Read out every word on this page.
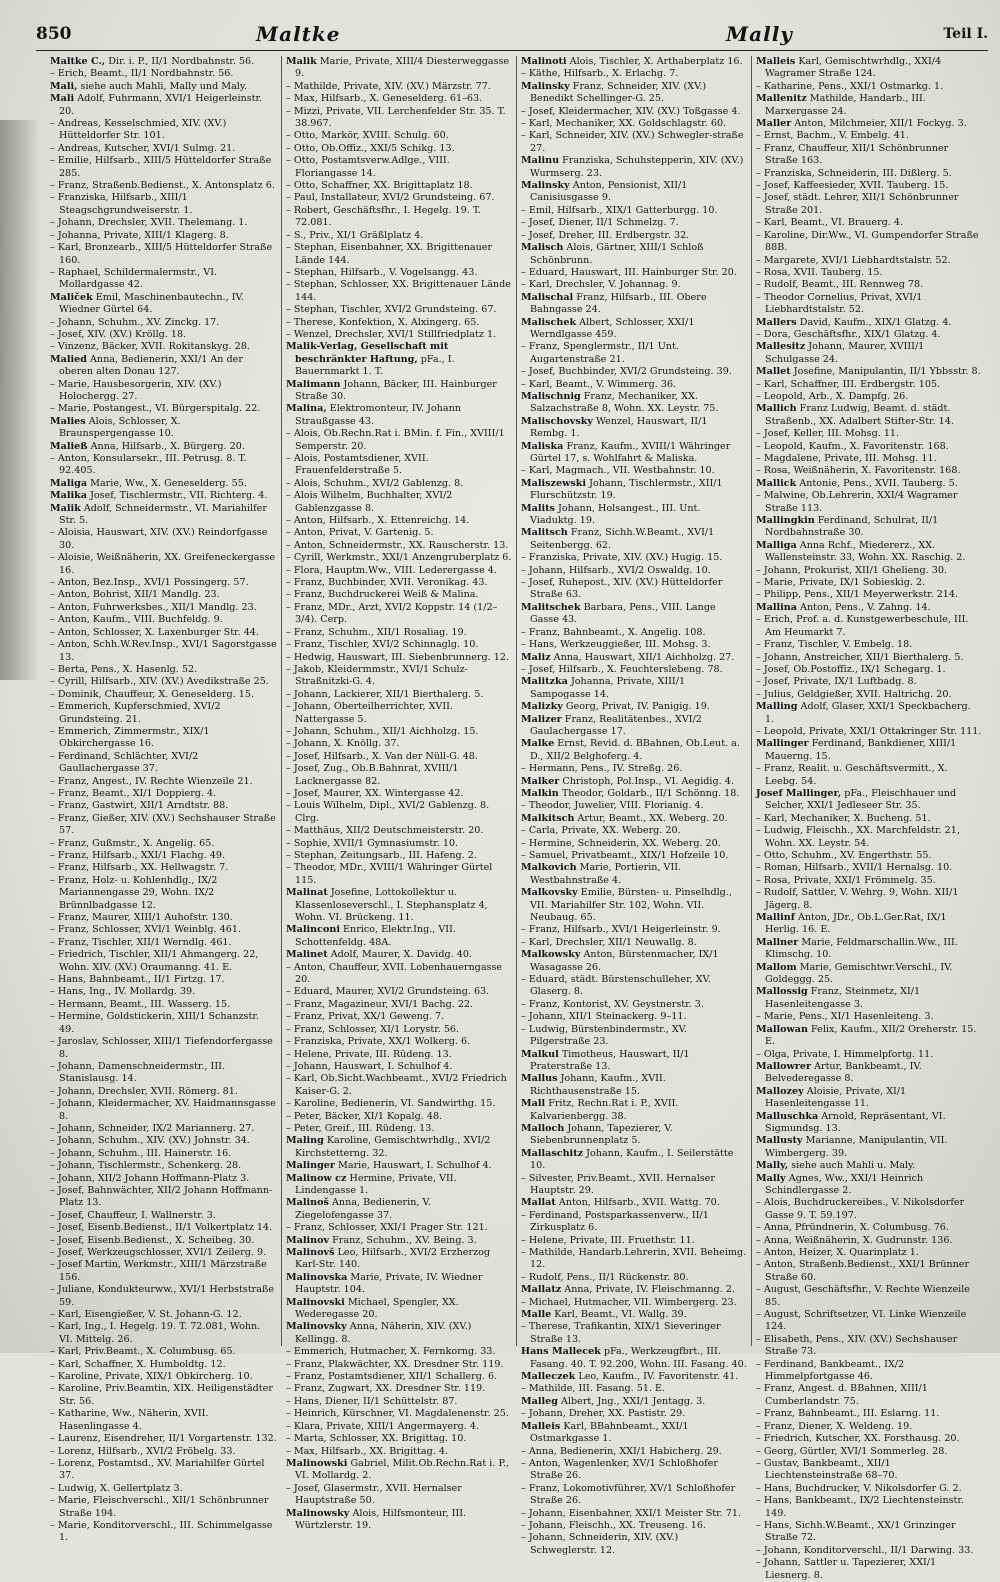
850	Maltke	Mally	Teil I.

Maltke C., Dir. i. P., II/1 Nordbahnstr. 56.

– Erich, Beamt., II/1 Nordbahnstr. 56.

Mali, siehe auch Mahli, Mally und Maly.

Mali Adolf, Fuhrmann, XVI/1 Heigerleinstr. 20.

– Andreas, Kesselschmied, XIV. (XV.) Hütteldorfer Str. 101.

– Andreas, Kutscher, XVI/1 Sulmg. 21.

– Emilie, Hilfsarb., XIII/5 Hütteldorfer Straße 285.

– Franz, Straßenb.Bedienst., X. Antonsplatz 6.

– Franziska, Hilfsarb., XIII/1 Steagschgrundweiserstr. 1.

– Johann, Drechsler, XVII. Thelemang. 1.

– Johanna, Private, XIII/1 Klagerg. 8.

– Karl, Bronzearb., XIII/5 Hütteldorfer Straße 160.

– Raphael, Schildermalermstr., VI. Mollardgasse 42.

Maliček Emil, Maschinenbautechn., IV. Wiedner Gürtel 64.

– Johann, Schuhm., XV. Zinckg. 17.

– Josef, XIV. (XV.) Kröllg. 18.

– Vinzenz, Bäcker, XVII. Rokitanskyg. 28.

Malied Anna, Bedienerin, XXI/1 An der oberen alten Donau 127.

– Marie, Hausbesorgerin, XIV. (XV.) Holochergg. 27.

– Marie, Postangest., VI. Bürgerspitalg. 22.

Malies Alois, Schlosser, X. Braunspergengasse 10.

Maließ Anna, Hilfsarb., X. Bürgerg. 20.

– Anton, Konsularsekr., III. Petrusg. 8. T. 92.405.

Maliga Marie, Ww., X. Geneselderg. 55.

Malika Josef, Tischlermstr., VII. Richterg. 4.

Malik Adolf, Schneidermstr., VI. Mariahilfer Str. 5.

– Aloisia, Hauswart, XIV. (XV.) Reindorfgasse 30.

– Aloisie, Weißnäherin, XX. Greifeneckergasse 16.

– Anton, Bez.Insp., XVI/1 Possingerg. 57.

– Anton, Bohrist, XII/1 Mandlg. 23.

– Anton, Fuhrwerksbes., XII/1 Mandlg. 23.

– Anton, Kaufm., VIII. Buchfeldg. 9.

– Anton, Schlosser, X. Laxenburger Str. 44.

– Anton, Schh.W.Rev.Insp., XVI/1 Sagorstgasse 13.

– Berta, Pens., X. Hasenlg. 52.

– Cyrill, Hilfsarb., XIV. (XV.) Avedikstraße 25.

– Dominik, Chauffeur, X. Geneselderg. 15.

– Emmerich, Kupferschmied, XVI/2 Grundsteing. 21.

– Emmerich, Zimmermstr., XIX/1 Obkirchergasse 16.

– Ferdinand, Schlächter, XVI/2 Gaullachergasse 37.

– Franz, Angest., IV. Rechte Wienzeile 21.

– Franz, Beamt., XI/1 Doppierg. 4.

– Franz, Gastwirt, XII/1 Arndtstr. 88.

– Franz, Gießer, XIV. (XV.) Sechshauser Straße 57.

– Franz, Gußmstr., X. Angelig. 65.

– Franz, Hilfsarb., XXI/1 Flachg. 49.

– Franz, Hilfsarb., XX. Hellwagstr. 7.

– Franz, Holz- u. Kohlenhdlg., IX/2 Mariannengasse 29, Wohn. IX/2 Brünnlbadgasse 12.

– Franz, Maurer, XIII/1 Auhofstr. 130.

– Franz, Schlosser, XVI/1 Weinblg. 461.

– Franz, Tischler, XII/1 Werndlg. 461.

– Friedrich, Tischler, XII/1 Ahmangerg. 22, Wohn. XIV. (XV.) Oraumanng. 41. E.

– Hans, Bahnbeamt., II/1 Firtzg. 17.

– Hans, Ing., IV. Mollardg. 39.

– Hermann, Beamt., III. Wasserg. 15.

– Hermine, Goldstickerin, XIII/1 Schanzstr. 49.

– Jaroslav, Schlosser, XIII/1 Tiefendorfergasse 8.

– Johann, Damenschneidermstr., III. Stanislausg. 14.

– Johann, Drechsler, XVII. Römerg. 81.

– Johann, Kleidermacher, XV. Haidmannsgasse 8.

– Johann, Schneider, IX/2 Mariannerg. 27.

– Johann, Schuhm., XIV. (XV.) Johnstr. 34.

– Johann, Schuhm., III. Hainerstr. 16.

– Johann, Tischlermstr., Schenkerg. 28.

– Johann, XII/2 Johann Hoffmann-Platz 3.

– Josef, Bahnwächter, XII/2 Johann Hoffmann-Platz 13.

– Josef, Chauffeur, I. Wallnerstr. 3.

– Josef, Eisenb.Bedienst., II/1 Volkertplatz 14.

– Josef, Eisenb.Bedienst., X. Scheibeg. 30.

– Josef, Werkzeugschlosser, XVI/1 Zeilerg. 9.

– Josef Martin, Werkmstr., XIII/1 Märzstraße 156.

– Juliane, Kondukteurww., XVI/1 Herbststraße 59.

– Karl, Eisengießer, V. St. Johann-G. 12.

– Karl, Ing., I. Hegelg. 19. T. 72.081, Wohn. VI. Mittelg. 26.

– Karl, Priv.Beamt., X. Columbusg. 65.

– Karl, Schaffner, X. Humboldtg. 12.

– Karoline, Private, XIX/1 Obkircherg. 10.

– Karoline, Priv.Beamtin, XIX. Heiligenstädter Str. 56.

– Katharine, Ww., Näherin, XVII. Hasenlingasse 4.

– Laurenz, Eisendreher, II/1 Vorgartenstr. 132.

– Lorenz, Hilfsarb., XVI/2 Fröbelg. 33.

– Lorenz, Postamtsd., XV. Mariahilfer Gürtel 37.

– Ludwig, X. Gellertplatz 3.

– Marie, Fleischverschl., XII/1 Schönbrunner Straße 194.

– Marie, Konditorverschl., III. Schimmelgasse 1.

Malik Marie, Private, XIII/4 Diesterweggasse 9.

– Mathilde, Private, XIV. (XV.) Märzstr. 77.

– Max, Hilfsarb., X. Geneselderg. 61–63.

– Mizzi, Private, VII. Lerchenfelder Str. 35. T. 38.967.

– Otto, Markör, XVIII. Schulg. 60.

– Otto, Ob.Offiz., XXI/5 Schikg. 13.

– Otto, Postamtsverw.Adlge., VIII. Floriangasse 14.

– Otto, Schaffner, XX. Brigittaplatz 18.

– Paul, Installateur, XVI/2 Grundsteing. 67.

– Robert, Geschäftsfhr., I. Hegelg. 19. T. 72.081.

– S., Priv., XI/1 Gräßlplatz 4.

– Stephan, Eisenbahner, XX. Brigittenauer Lände 144.

– Stephan, Hilfsarb., V. Vogelsangg. 43.

– Stephan, Schlosser, XX. Brigittenauer Lände 144.

– Stephan, Tischler, XVI/2 Grundsteing. 67.

– Therese, Konfektion, X. Alxingerg. 65.

– Wenzel, Drechsler, XVI/1 Stillfriedplatz 1.

Malik-Verlag, Gesellschaft mit beschränkter Haftung, pFa., I. Bauernmarkt 1. T.

Malimann Johann, Bäcker, III. Hainburger Straße 30.

Malina, Elektromonteur, IV. Johann Straußgasse 43.

– Alois, Ob.Rechn.Rat i. BMin. f. Fin., XVIII/1 Semperstr. 20.

– Alois, Postamtsdiener, XVII. Frauenfelderstraße 5.

– Alois, Schuhm., XVI/2 Gablenzg. 8.

– Alois Wilhelm, Buchhalter, XVI/2 Gablenzgasse 8.

– Anton, Hilfsarb., X. Ettenreichg. 14.

– Anton, Privat, V. Gartenig. 5.

– Anton, Schneidermstr., XX. Rauscherstr. 13.

– Cyrill, Werkmstr., XXI/1 Anzengruberplatz 6.

– Flora, Hauptm.Ww., VIII. Lederergasse 4.

– Franz, Buchbinder, XVII. Veronikag. 43.

– Franz, Buchdruckerei Weiß & Malina.

– Franz, MDr., Arzt, XVI/2 Koppstr. 14 (1/2–3/4). Cerp.

– Franz, Schuhm., XII/1 Rosaliag. 19.

– Franz, Tischler, XVI/2 Schinnaglg. 10.

– Hedwig, Hauswart, III. Siebenbrunnerg. 12.

– Jakob, Kleidermmstr., XVI/1 Schulz-Straßnitzki-G. 4.

– Johann, Lackierer, XII/1 Bierthalerg. 5.

– Johann, Oberteilherrichter, XVII. Nattergasse 5.

– Johann, Schuhm., XII/1 Aichholzg. 15.

– Johann, X. Knöllg. 37.

– Josef, Hilfsarb., X. Van der Nüll-G. 48.

– Josef, Zug., Ob.B.Bahnrat, XVIII/1 Lacknergasse 82.

– Josef, Maurer, XX. Wintergasse 42.

– Louis Wilhelm, Dipl., XVI/2 Gablenzg. 8. Clrg.

– Matthäus, XII/2 Deutschmeisterstr. 20.

– Sophie, XVII/1 Gymnasiumstr. 10.

– Stephan, Zeitungsarb., III. Hafeng. 2.

– Theodor, MDr., XVIII/1 Währinger Gürtel 115.

Malinat Josefine, Lottokollektur u. Klassenloseverschl., I. Stephansplatz 4, Wohn. VI. Brückeng. 11.

Malinconi Enrico, Elektr.Ing., VII. Schottenfeldg. 48A.

Malinet Adolf, Maurer, X. Davidg. 40.

– Anton, Chauffeur, XVII. Lobenhauerngasse 20.

– Eduard, Maurer, XVI/2 Grundsteing. 63.

– Franz, Magazineur, XVI/1 Bachg. 22.

– Franz, Privat, XX/1 Geweng. 7.

– Franz, Schlosser, XI/1 Lorystr. 56.

– Franziska, Private, XX/1 Wolkerg. 6.

– Helene, Private, III. Rüdeng. 13.

– Johann, Hauswart, I. Schulhof 4.

– Karl, Ob.Sicht.Wachbeamt., XVI/2 Friedrich Kaiser-G. 2.

– Karoline, Bedienerin, VI. Sandwirthg. 15.

– Peter, Bäcker, XI/1 Kopalg. 48.

– Peter, Greif., III. Rüdeng. 13.

Maling Karoline, Gemischtwrhdlg., XVI/2 Kirchstetterng. 32.

Malinger Marie, Hauswart, I. Schulhof 4.

Malinow cz Hermine, Private, VII. Lindengasse 1.

Malinoš Anna, Bedienerin, V. Ziegelofengasse 37.

– Franz, Schlosser, XXI/1 Prager Str. 121.

Malinov Franz, Schuhm., XV. Being. 3.

Malinovš Leo, Hilfsarb., XVI/2 Erzherzog Karl-Str. 140.

Malinovska Marie, Private, IV. Wiedner Hauptstr. 104.

Malinovski Michael, Spengler, XX. Wederegasse 20.

Malinovsky Anna, Näherin, XIV. (XV.) Kellingg. 8.

– Emmerich, Hutmacher, X. Fernkorng. 33.

– Franz, Plakwächter, XX. Dresdner Str. 119.

– Franz, Postamtsdiener, XII/1 Schallerg. 6.

– Franz, Zugwart, XX. Dresdner Str. 119.

– Hans, Diener, II/1 Schüttelstr. 87.

– Heinrich, Kürschner, VI. Magdalenenstr. 25.

– Klara, Private, XIII/1 Angermayerg. 4.

– Marta, Schlosser, XX. Brigittag. 10.

– Max, Hilfsarb., XX. Brigittag. 4.

Malinowski Gabriel, Milit.Ob.Rechn.Rat i. P., VI. Mollardg. 2.

– Josef, Glasermstr., XVII. Hernalser Hauptstraße 50.

Malinowsky Alois, Hilfsmonteur, III. Würtzlerstr. 19.

Malinoti Alois, Tischler, X. Arthaberplatz 16.

– Käthe, Hilfsarb., X. Erlachg. 7.

Malinsky Franz, Schneider, XIV. (XV.) Benedikt Schellinger-G. 25.

– Josef, Kleidermacher, XIV. (XV.) Toßgasse 4.

– Karl, Mechaniker, XX. Goldschlagstr. 60.

– Karl, Schneider, XIV. (XV.) Schwegler-straße 27.

Malinu Franziska, Schuhstepperin, XIV. (XV.) Wurmserg. 23.

Malinsky Anton, Pensionist, XII/1 Canisiusgasse 9.

– Emil, Hilfsarb., XIX/1 Gatterburgg. 10.

– Josef, Diener, II/1 Schmelzg. 7.

– Josef, Dreher, III. Erdbergstr. 32.

Malisch Alois, Gärtner, XIII/1 Schloß Schönbrunn.

– Eduard, Hauswart, III. Hainburger Str. 20.

– Karl, Drechsler, V. Johannag. 9.

Malischal Franz, Hilfsarb., III. Obere Bahngasse 24.

Malischek Albert, Schlosser, XXI/1 Werndlgasse 459.

– Franz, Spenglermstr., II/1 Unt. Augartenstraße 21.

– Josef, Buchbinder, XVI/2 Grundsteing. 39.

– Karl, Beamt., V. Wimmerg. 36.

Malischnig Franz, Mechaniker, XX. Salzachstraße 8, Wohn. XX. Leystr. 75.

Malischovsky Wenzel, Hauswart, II/1 Rembg. 1.

Maliska Franz, Kaufm., XVIII/1 Währinger Gürtel 17, s. Wohlfahrt & Maliska.

– Karl, Magmach., VII. Westbahnstr. 10.

Maliszewski Johann, Tischlermstr., XII/1 Flurschützstr. 19.

Malits Johann, Holsangest., III. Unt. Viaduktg. 19.

Malitsch Franz, Sichh.W.Beamt., XVI/1 Seitenbergg. 62.

– Franziska, Private, XIV. (XV.) Hugig. 15.

– Johann, Hilfsarb., XVI/2 Oswaldg. 10.

– Josef, Ruhepost., XIV. (XV.) Hütteldorfer Straße 63.

Malitschek Barbara, Pens., VIII. Lange Gasse 43.

– Franz, Bahnbeamt., X. Angelig. 108.

– Hans, Werkzeuggießer, III. Mohsg. 3.

Maliz Anna, Hauswart, XII/1 Aichholzg. 27.

– Josef, Hilfsarb., X. Feuchterslebeng. 78.

Malitzka Johanna, Private, XIII/1 Sampogasse 14.

Malizky Georg, Privat, IV. Panigig. 19.

Malizer Franz, Realitätenbes., XVI/2 Gaulachergasse 17.

Malke Ernst, Revid. d. BBahnen, Ob.Leut. a. D., XII/2 Belghoferg. 4.

– Hermann, Pens., IV. Streßg. 26.

Malker Christoph, Pol.Insp., VI. Aegidig. 4.

Malkin Theodor, Goldarb., II/1 Schönng. 18.

– Theodor, Juwelier, VIII. Florianig. 4.

Malkitsch Artur, Beamt., XX. Weberg. 20.

– Carla, Private, XX. Weberg. 20.

– Hermine, Schneiderin, XX. Weberg. 20.

– Samuel, Privatbeamt., XIX/1 Hofzeile 10.

Malkovich Marie, Portierin, VII. Westbahnstraße 4.

Malkovsky Emilie, Bürsten- u. Pinselhdlg., VII. Mariahilfer Str. 102, Wohn. VII. Neubaug. 65.

– Franz, Hilfsarb., XVI/1 Heigerleinstr. 9.

– Karl, Drechsler, XII/1 Neuwallg. 8.

Malkowsky Anton, Bürstenmacher, IX/1 Wasagasse 26.

– Eduard, städt. Bürstenschulleher, XV. Glaserg. 8.

– Franz, Kontorist, XV. Geystnerstr. 3.

– Johann, XII/1 Steinackerg. 9–11.

– Ludwig, Bürstenbindermstr., XV. Pilgerstraße 23.

Malkul Timotheus, Hauswart, II/1 Praterstraße 13.

Mallus Johann, Kaufm., XVII. Richthausenstraße 15.

Mall Fritz, Rechn.Rat i. P., XVII. Kalvarienbergg. 38.

Malloch Johann, Tapezierer, V. Siebenbrunnenplatz 5.

Mallaschitz Johann, Kaufm., I. Seilerstätte 10.

– Silvester, Priv.Beamt., XVII. Hernalser Hauptstr. 29.

Mallat Anton, Hilfsarb., XVII. Wattg. 70.

– Ferdinand, Postsparkassenverw., II/1 Zirkusplatz 6.

– Helene, Private, III. Fruethstr. 11.

– Mathilde, Handarb.Lehrerin, XVII. Beheimg. 12.

– Rudolf, Pens., II/1 Rückenstr. 80.

Mallatz Anna, Private, IV. Fleischmanng. 2.

– Michael, Hutmacher, VII. Wimbergerg. 23.

Malle Karl, Beamt., VI. Wallg. 39.

– Therese, Trafikantin, XIX/1 Sieveringer Straße 13.

Hans Mallecek pFa., Werkzeugfbrt., III. Fasang. 40. T. 92.200, Wohn. III. Fasang. 40.

Malleczek Leo, Kaufm., IV. Favoritenstr. 41.

– Mathilde, III. Fasang. 51. E.

Malleg Albert, Jng., XXI/1 Jentagg. 3.

– Johann, Dreher, XX. Pastistr. 29.

Malleis Karl, BBahnbeamt., XXI/1 Ostmarkgasse 1.

– Anna, Bedienerin, XXI/1 Habicherg. 29.

– Anton, Wagenlenker, XV/1 Schloßhofer Straße 26.

– Franz, Lokomotivführer, XV/1 Schloßhofer Straße 26.

– Johann, Eisenbahner, XXI/1 Meister Str. 71.

– Johann, Fleischh., XX. Treuseng. 16.

– Johann, Schneiderin, XIV. (XV.) Schweglerstr. 12.

Malleis Karl, Gemischtwrhdlg., XXI/4 Wagramer Straße 124.

– Katharine, Pens., XXI/1 Ostmarkg. 1.

Mallenitz Mathilde, Handarb., III. Marxergasse 24.

Maller Anton, Milchmeier, XII/1 Fockyg. 3.

– Ernst, Bachm., V. Embelg. 41.

– Franz, Chauffeur, XII/1 Schönbrunner Straße 163.

– Franziska, Schneiderin, III. Dißlerg. 5.

– Josef, Kaffeesieder, XVII. Tauberg. 15.

– Josef, städt. Lehrer, XII/1 Schönbrunner Straße 201.

– Karl, Beamt., VI. Brauerg. 4.

– Karoline, Dir.Ww., VI. Gumpendorfer Straße 88B.

– Margarete, XVI/1 Liebhardtstalstr. 52.

– Rosa, XVII. Tauberg. 15.

– Rudolf, Beamt., III. Rennweg 78.

– Theodor Cornelius, Privat, XVI/1 Liebhardtstalstr. 52.

Mallers David, Kaufm., XIX/1 Glatzg. 4.

– Dora, Geschäftsfhr., XIX/1 Glatzg. 4.

Mallesitz Johann, Maurer, XVIII/1 Schulgasse 24.

Mallet Josefine, Manipulantin, II/1 Ybbsstr. 8.

– Karl, Schaffner, III. Erdbergstr. 105.

– Leopold, Arb., X. Dampfg. 26.

Mallich Franz Ludwig, Beamt. d. städt. Straßenb., XX. Adalbert Stifter-Str. 14.

– Josef, Keller, III. Mohsg. 11.

– Leopold, Kaufm., X. Favoritenstr. 168.

– Magdalene, Private, III. Mohsg. 11.

– Rosa, Weißnäherin, X. Favoritenstr. 168.

Mallick Antonie, Pens., XVII. Tauberg. 5.

– Malwine, Ob.Lehrerin, XXI/4 Wagramer Straße 113.

Mallingkin Ferdinand, Schulrat, II/1 Nordbahnstraße 30.

Malliga Anna Rchf., Miedererz., XX. Wallensteinstr. 33, Wohn. XX. Raschig. 2.

– Johann, Prokurist, XII/1 Ghelieng. 30.

– Marie, Private, IX/1 Sobieskig. 2.

– Philipp, Pens., XII/1 Meyerwerkstr. 214.

Mallina Anton, Pens., V. Zahng. 14.

– Erich, Prof. a. d. Kunstgewerbeschule, III. Am Heumarkt 7.

– Franz, Tischler, V. Embelg. 18.

– Johann, Anstreicher, XII/1 Bierthalerg. 5.

– Josef, Ob.Postoffiz., IX/1 Schegarg. 1.

– Josef, Private, IX/1 Luftbadg. 8.

– Julius, Geldgießer, XVII. Haltrichg. 20.

Malling Adolf, Glaser, XXI/1 Speckbacherg. 1.

– Leopold, Private, XXI/1 Ottakringer Str. 111.

Mallinger Ferdinand, Bankdiener, XIII/1 Mauerng. 15.

– Franz, Realit. u. Geschäftsvermitt., X. Leebg. 54.

Josef Mallinger, pFa., Fleischhauer und Selcher, XXI/1 Jedleseer Str. 35.

– Karl, Mechaniker, X. Bucheng. 51.

– Ludwig, Fleischh., XX. Marchfeldstr. 21, Wohn. XX. Leystr. 54.

– Otto, Schuhm., XV. Engerthstr. 55.

– Roman, Hilfsarb., XVII/1 Hernalsg. 10.

– Rosa, Private, XXI/1 Frömmelg. 35.

– Rudolf, Sattler, V. Wehrg. 9, Wohn. XII/1 Jägerg. 8.

Mallinf Anton, JDr., Ob.L.Ger.Rat, IX/1 Herlig. 16. E.

Mallner Marie, Feldmarschallin.Ww., III. Klimschg. 10.

Mallom Marie, Gemischtwr.Verschl., IV. Goldeggg. 25.

Mallossig Franz, Steinmetz, XI/1 Hasenleitengasse 3.

– Marie, Pens., XI/1 Hasenleiteng. 3.

Mallowan Felix, Kaufm., XII/2 Oreherstr. 15. E.

– Olga, Private, I. Himmelpfortg. 11.

Mallowrer Artur, Bankbeamt., IV. Belvederegasse 8.

Mallozey Aloisie, Private, XI/1 Hasenleitengasse 11.

Malluschka Arnold, Repräsentant, VI. Sigmundsg. 13.

Mallusty Marianne, Manipulantin, VII. Wimbergerg. 39.

Mally, siehe auch Mahli u. Maly.

Mally Agnes, Ww., XXI/1 Heinrich Schindlergasse 2.

– Alois, Buchdruckereibes., V. Nikolsdorfer Gasse 9. T. 59.197.

– Anna, Pfründnerin, X. Columbusg. 76.

– Anna, Weißnäherin, X. Gudrunstr. 136.

– Anton, Heizer, X. Quarinplatz 1.

– Anton, Straßenb.Bedienst., XXI/1 Brünner Straße 60.

– August, Geschäftsfhr., V. Rechte Wienzeile 85.

– August, Schriftsetzer, VI. Linke Wienzeile 124.

– Elisabeth, Pens., XIV. (XV.) Sechshauser Straße 73.

– Ferdinand, Bankbeamt., IX/2 Himmelpfortgasse 46.

– Franz, Angest. d. BBahnen, XIII/1 Cumberlandstr. 75.

– Franz, Bahnbeamt., III. Eslarng. 11.

– Franz, Diener, X. Weldeng. 19.

– Friedrich, Kutscher, XX. Forsthausg. 20.

– Georg, Gürtler, XVI/1 Sommerleg. 28.

– Gustav, Bankbeamt., XII/1 Liechtensteinstraße 68–70.

– Hans, Buchdrucker, V. Nikolsdorfer G. 2.

– Hans, Bankbeamt., IX/2 Liechtensteinstr. 149.

– Hans, Sichh.W.Beamt., XX/1 Grinzinger Straße 72.

– Johann, Konditorverschl., II/1 Darwing. 33.

– Johann, Sattler u. Tapezierer, XXI/1 Liesnerg. 8.
